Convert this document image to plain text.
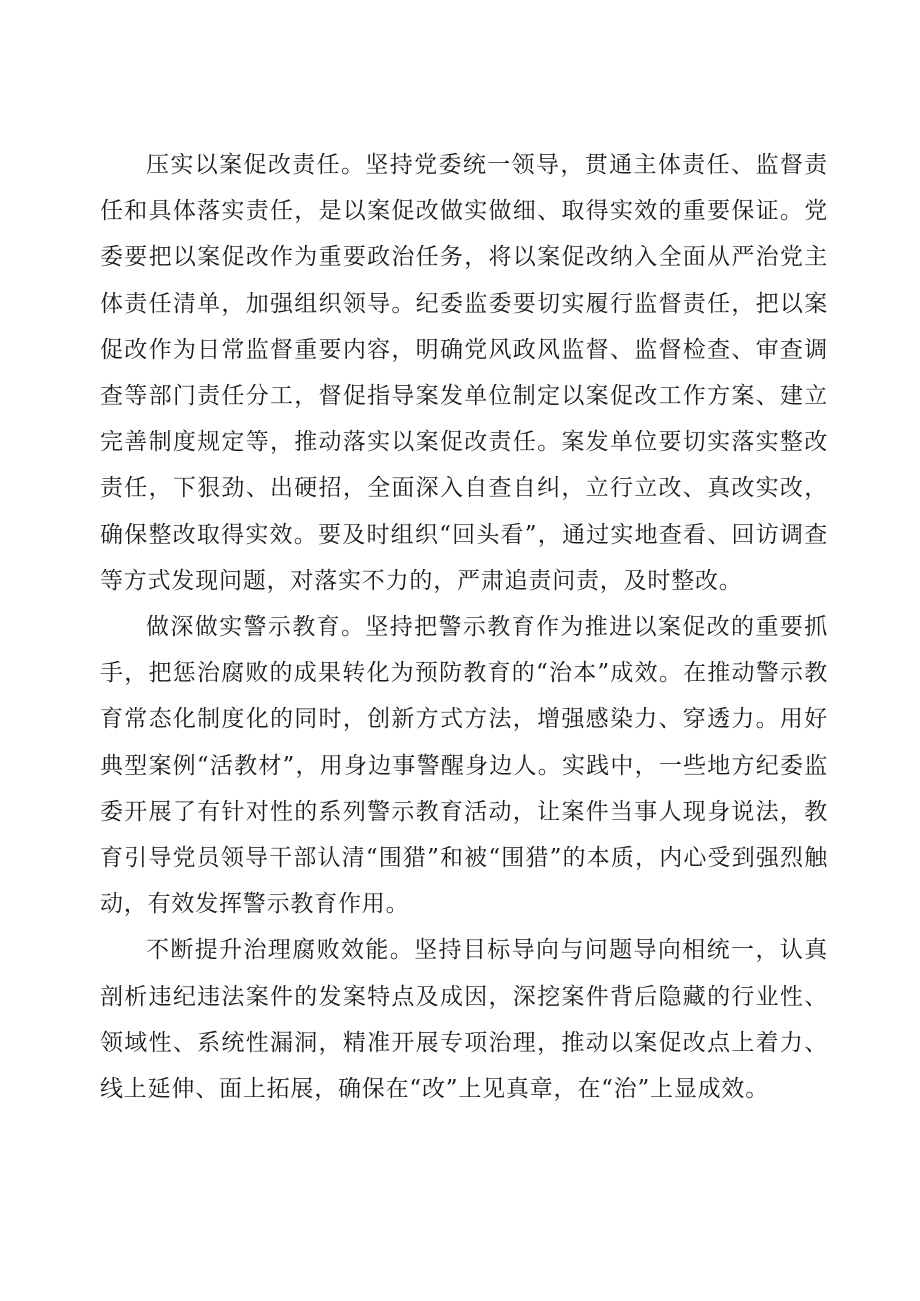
压实以案促改责任。坚持党委统一领导，贯通主体责任、监督责任和具体落实责任，是以案促改做实做细、取得实效的重要保证。党委要把以案促改作为重要政治任务，将以案促改纳入全面从严治党主体责任清单，加强组织领导。纪委监委要切实履行监督责任，把以案促改作为日常监督重要内容，明确党风政风监督、监督检查、审查调查等部门责任分工，督促指导案发单位制定以案促改工作方案、建立完善制度规定等，推动落实以案促改责任。案发单位要切实落实整改责任，下狠劲、出硬招，全面深入自查自纠，立行立改、真改实改，确保整改取得实效。要及时组织“回头看”，通过实地查看、回访调查等方式发现问题，对落实不力的，严肃追责问责，及时整改。

做深做实警示教育。坚持把警示教育作为推进以案促改的重要抓手，把惩治腐败的成果转化为预防教育的“治本”成效。在推动警示教育常态化制度化的同时，创新方式方法，增强感染力、穿透力。用好典型案例“活教材”，用身边事警醒身边人。实践中，一些地方纪委监委开展了有针对性的系列警示教育活动，让案件当事人现身说法，教育引导党员领导干部认清“围猎”和被“围猎”的本质，内心受到强烈触动，有效发挥警示教育作用。

不断提升治理腐败效能。坚持目标导向与问题导向相统一，认真剖析违纪违法案件的发案特点及成因，深挖案件背后隐藏的行业性、领域性、系统性漏洞，精准开展专项治理，推动以案促改点上着力、线上延伸、面上拓展，确保在“改”上见真章，在“治”上显成效。
